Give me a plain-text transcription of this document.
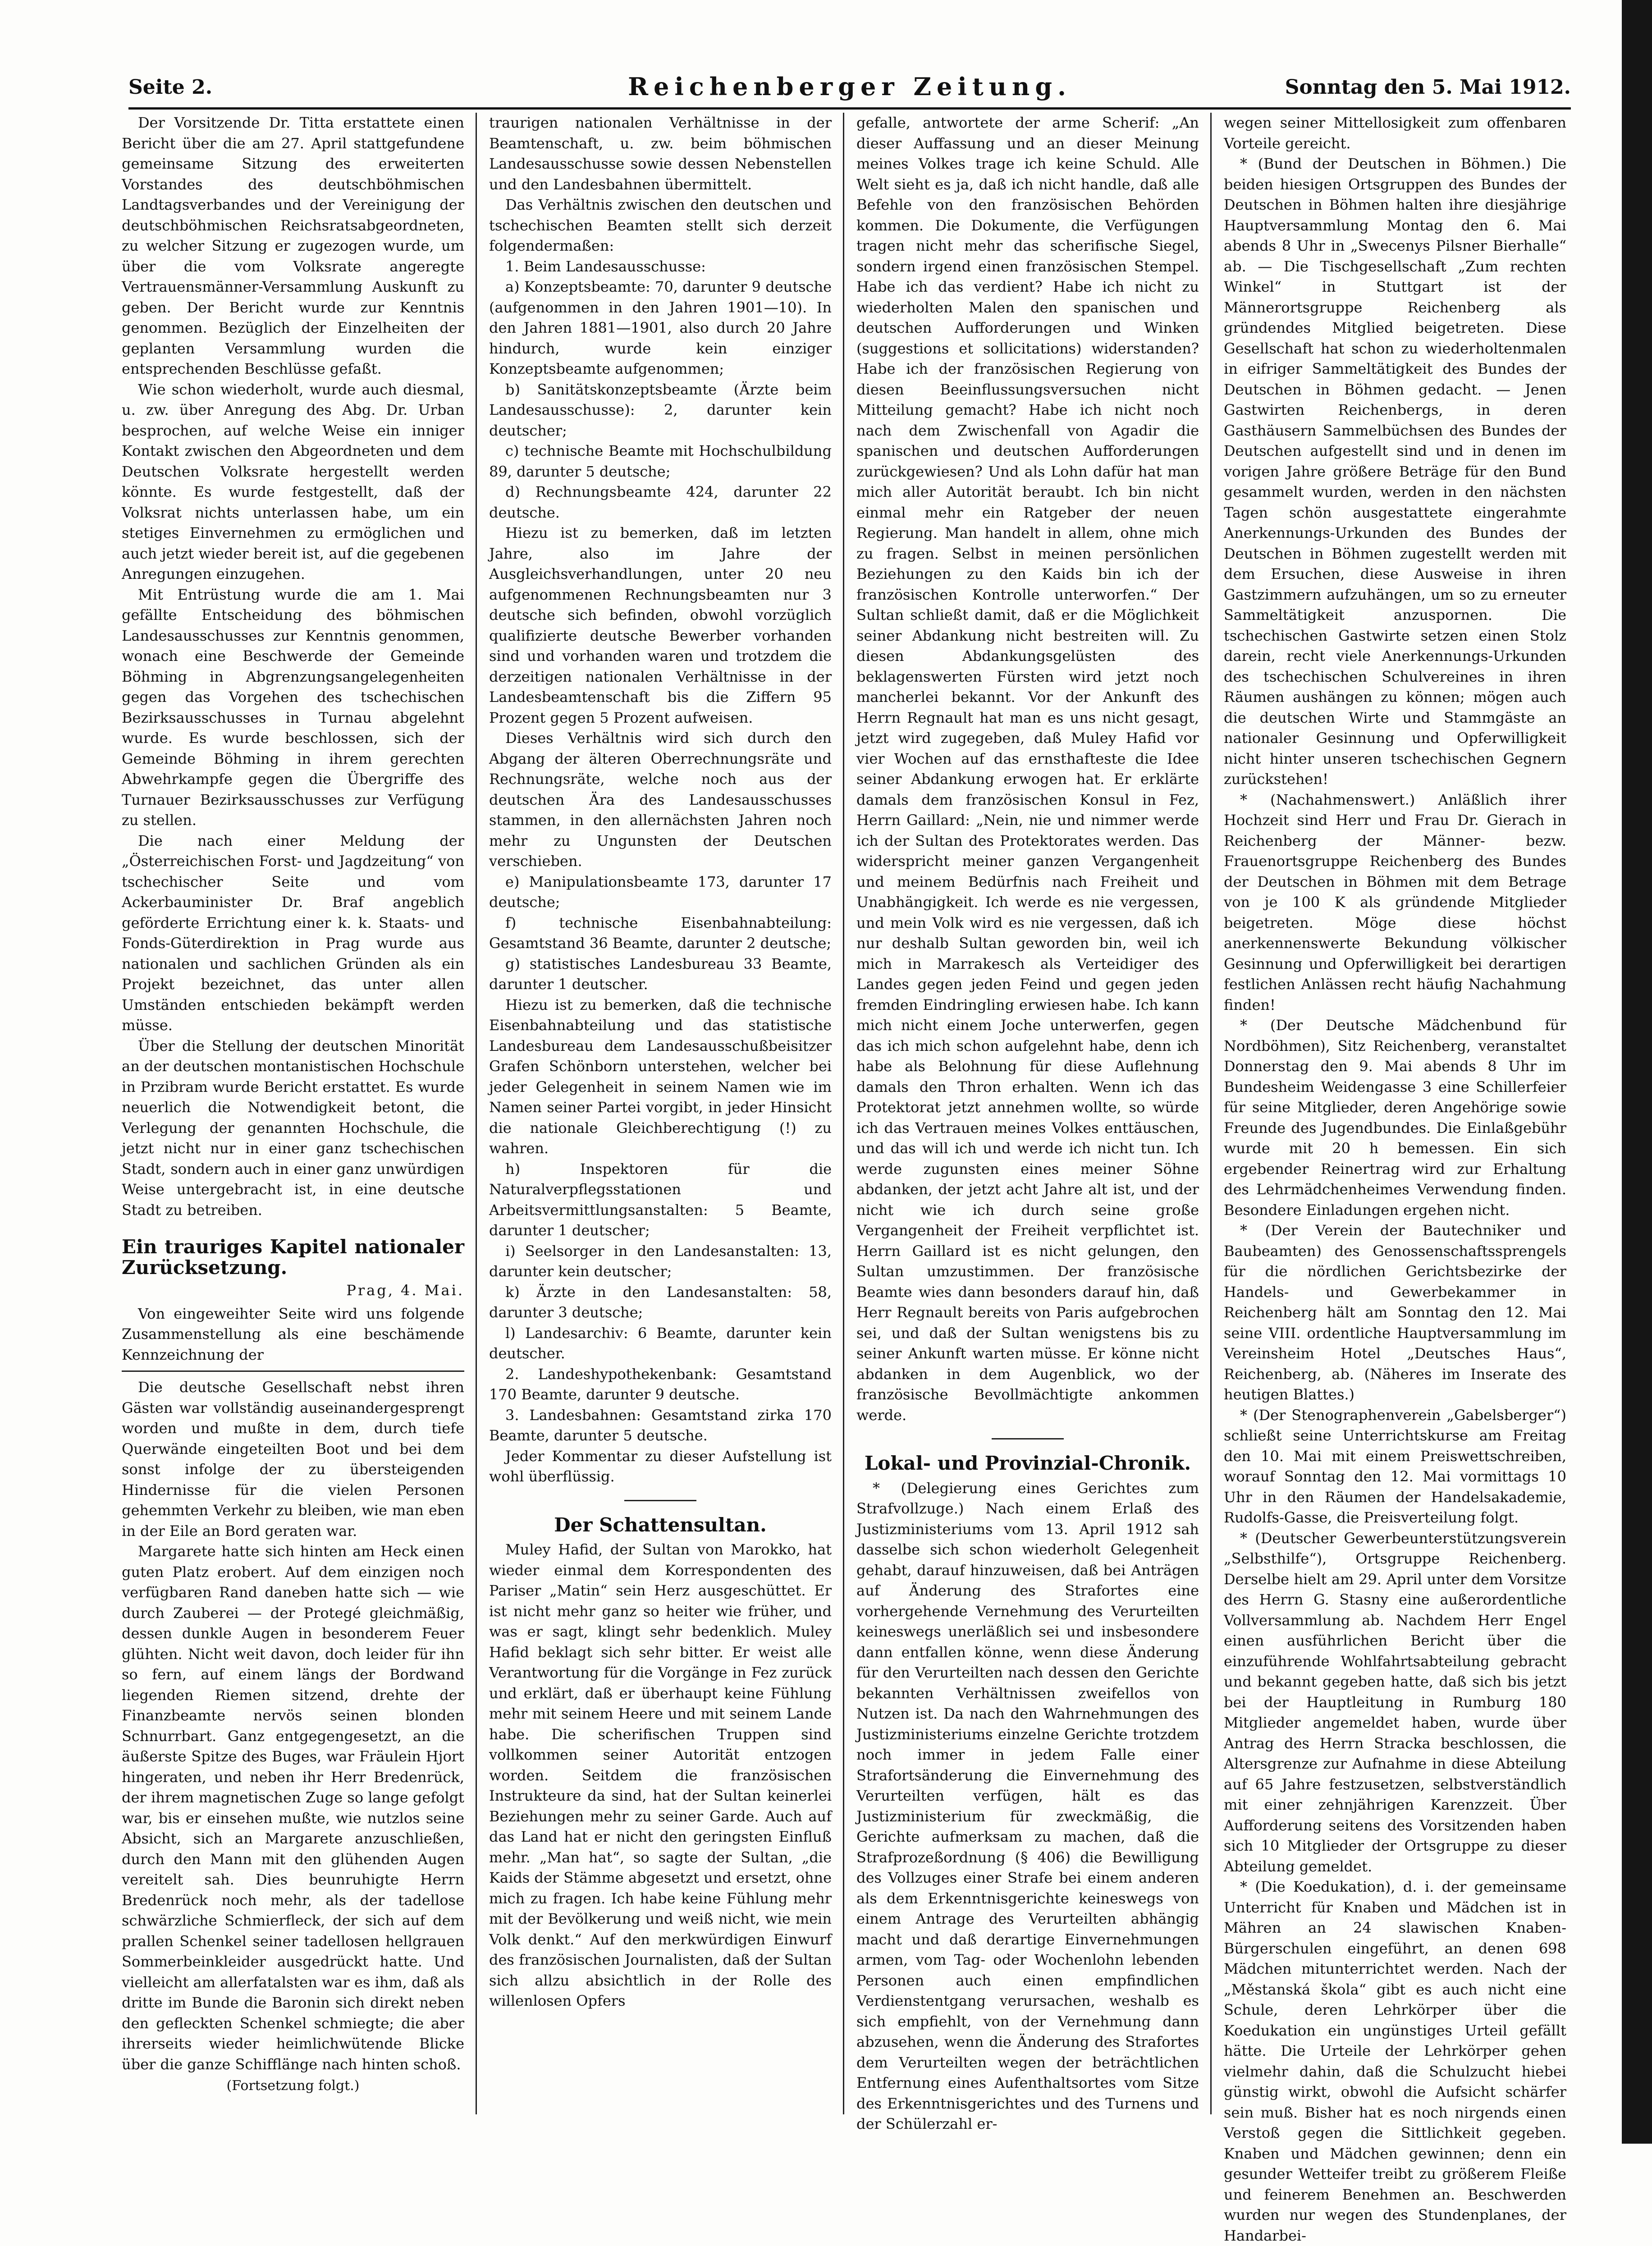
Seite 2.	Reichenberger Zeitung.	Sonntag den 5. Mai 1912.

Der Vorsitzende Dr. Titta erstattete einen Bericht über die am 27. April stattgefundene gemeinsame Sitzung des erweiterten Vorstandes des deutschböhmischen Landtagsverbandes und der Vereinigung der deutschböhmischen Reichsratsabgeordneten, zu welcher Sitzung er zugezogen wurde, um über die vom Volksrate angeregte Vertrauensmänner-Versammlung Auskunft zu geben. Der Bericht wurde zur Kenntnis genommen. Bezüglich der Einzelheiten der geplanten Versammlung wurden die entsprechenden Beschlüsse gefaßt.

Wie schon wiederholt, wurde auch diesmal, u. zw. über Anregung des Abg. Dr. Urban besprochen, auf welche Weise ein inniger Kontakt zwischen den Abgeordneten und dem Deutschen Volksrate hergestellt werden könnte. Es wurde festgestellt, daß der Volksrat nichts unterlassen habe, um ein stetiges Einvernehmen zu ermöglichen und auch jetzt wieder bereit ist, auf die gegebenen Anregungen einzugehen.

Mit Entrüstung wurde die am 1. Mai gefällte Entscheidung des böhmischen Landesausschusses zur Kenntnis genommen, wonach eine Beschwerde der Gemeinde Böhming in Abgrenzungsangelegenheiten gegen das Vorgehen des tschechischen Bezirksausschusses in Turnau abgelehnt wurde. Es wurde beschlossen, sich der Gemeinde Böhming in ihrem gerechten Abwehrkampfe gegen die Übergriffe des Turnauer Bezirksausschusses zur Verfügung zu stellen.

Die nach einer Meldung der „Österreichischen Forst- und Jagdzeitung“ von tschechischer Seite und vom Ackerbauminister Dr. Braf angeblich geförderte Errichtung einer k. k. Staats- und Fonds-Güterdirektion in Prag wurde aus nationalen und sachlichen Gründen als ein Projekt bezeichnet, das unter allen Umständen entschieden bekämpft werden müsse.

Über die Stellung der deutschen Minorität an der deutschen montanistischen Hochschule in Przibram wurde Bericht erstattet. Es wurde neuerlich die Notwendigkeit betont, die Verlegung der genannten Hochschule, die jetzt nicht nur in einer ganz tschechischen Stadt, sondern auch in einer ganz unwürdigen Weise untergebracht ist, in eine deutsche Stadt zu betreiben.

Ein trauriges Kapitel nationaler Zurücksetzung.
Prag, 4. Mai.

Von eingeweihter Seite wird uns folgende Zusammenstellung als eine beschämende Kennzeichnung der

Die deutsche Gesellschaft nebst ihren Gästen war vollständig auseinandergesprengt worden und mußte in dem, durch tiefe Querwände eingeteilten Boot und bei dem sonst infolge der zu übersteigenden Hindernisse für die vielen Personen gehemmten Verkehr zu bleiben, wie man eben in der Eile an Bord geraten war.

Margarete hatte sich hinten am Heck einen guten Platz erobert. Auf dem einzigen noch verfügbaren Rand daneben hatte sich — wie durch Zauberei — der Protegé gleichmäßig, dessen dunkle Augen in besonderem Feuer glühten. Nicht weit davon, doch leider für ihn so fern, auf einem längs der Bordwand liegenden Riemen sitzend, drehte der Finanzbeamte nervös seinen blonden Schnurrbart. Ganz entgegengesetzt, an die äußerste Spitze des Buges, war Fräulein Hjort hingeraten, und neben ihr Herr Bredenrück, der ihrem magnetischen Zuge so lange gefolgt war, bis er einsehen mußte, wie nutzlos seine Absicht, sich an Margarete anzuschließen, durch den Mann mit den glühenden Augen vereitelt sah. Dies beunruhigte Herrn Bredenrück noch mehr, als der tadellose schwärzliche Schmierfleck, der sich auf dem prallen Schenkel seiner tadellosen hellgrauen Sommerbeinkleider ausgedrückt hatte. Und vielleicht am allerfatalsten war es ihm, daß als dritte im Bunde die Baronin sich direkt neben den gefleckten Schenkel schmiegte; die aber ihrerseits wieder heimlichwütende Blicke über die ganze Schifflänge nach hinten schoß.

(Fortsetzung folgt.)

traurigen nationalen Verhältnisse in der Beamtenschaft, u. zw. beim böhmischen Landesausschusse sowie dessen Nebenstellen und den Landesbahnen übermittelt.

Das Verhältnis zwischen den deutschen und tschechischen Beamten stellt sich derzeit folgendermaßen:

1. Beim Landesausschusse:

a) Konzeptsbeamte: 70, darunter 9 deutsche (aufgenommen in den Jahren 1901—10). In den Jahren 1881—1901, also durch 20 Jahre hindurch, wurde kein einziger Konzeptsbeamte aufgenommen;

b) Sanitätskonzeptsbeamte (Ärzte beim Landesausschusse): 2, darunter kein deutscher;

c) technische Beamte mit Hochschulbildung 89, darunter 5 deutsche;

d) Rechnungsbeamte 424, darunter 22 deutsche.

Hiezu ist zu bemerken, daß im letzten Jahre, also im Jahre der Ausgleichsverhandlungen, unter 20 neu aufgenommenen Rechnungsbeamten nur 3 deutsche sich befinden, obwohl vorzüglich qualifizierte deutsche Bewerber vorhanden sind und vorhanden waren und trotzdem die derzeitigen nationalen Verhältnisse in der Landesbeamtenschaft bis die Ziffern 95 Prozent gegen 5 Prozent aufweisen.

Dieses Verhältnis wird sich durch den Abgang der älteren Oberrechnungsräte und Rechnungsräte, welche noch aus der deutschen Ära des Landesausschusses stammen, in den allernächsten Jahren noch mehr zu Ungunsten der Deutschen verschieben.

e) Manipulationsbeamte 173, darunter 17 deutsche;

f) technische Eisenbahnabteilung: Gesamtstand 36 Beamte, darunter 2 deutsche;

g) statistisches Landesbureau 33 Beamte, darunter 1 deutscher.

Hiezu ist zu bemerken, daß die technische Eisenbahnabteilung und das statistische Landesbureau dem Landesausschußbeisitzer Grafen Schönborn unterstehen, welcher bei jeder Gelegenheit in seinem Namen wie im Namen seiner Partei vorgibt, in jeder Hinsicht die nationale Gleichberechtigung (!) zu wahren.

h) Inspektoren für die Naturalverpflegsstationen und Arbeitsvermittlungsanstalten: 5 Beamte, darunter 1 deutscher;

i) Seelsorger in den Landesanstalten: 13, darunter kein deutscher;

k) Ärzte in den Landesanstalten: 58, darunter 3 deutsche;

l) Landesarchiv: 6 Beamte, darunter kein deutscher.

2. Landeshypothekenbank: Gesamtstand 170 Beamte, darunter 9 deutsche.

3. Landesbahnen: Gesamtstand zirka 170 Beamte, darunter 5 deutsche.

Jeder Kommentar zu dieser Aufstellung ist wohl überflüssig.

Der Schattensultan.

Muley Hafid, der Sultan von Marokko, hat wieder einmal dem Korrespondenten des Pariser „Matin“ sein Herz ausgeschüttet. Er ist nicht mehr ganz so heiter wie früher, und was er sagt, klingt sehr bedenklich. Muley Hafid beklagt sich sehr bitter. Er weist alle Verantwortung für die Vorgänge in Fez zurück und erklärt, daß er überhaupt keine Fühlung mehr mit seinem Heere und mit seinem Lande habe. Die scherifischen Truppen sind vollkommen seiner Autorität entzogen worden. Seitdem die französischen Instrukteure da sind, hat der Sultan keinerlei Beziehungen mehr zu seiner Garde. Auch auf das Land hat er nicht den geringsten Einfluß mehr. „Man hat“, so sagte der Sultan, „die Kaids der Stämme abgesetzt und ersetzt, ohne mich zu fragen. Ich habe keine Fühlung mehr mit der Bevölkerung und weiß nicht, wie mein Volk denkt.“ Auf den merkwürdigen Einwurf des französischen Journalisten, daß der Sultan sich allzu absichtlich in der Rolle des willenlosen Opfers

gefalle, antwortete der arme Scherif: „An dieser Auffassung und an dieser Meinung meines Volkes trage ich keine Schuld. Alle Welt sieht es ja, daß ich nicht handle, daß alle Befehle von den französischen Behörden kommen. Die Dokumente, die Verfügungen tragen nicht mehr das scherifische Siegel, sondern irgend einen französischen Stempel. Habe ich das verdient? Habe ich nicht zu wiederholten Malen den spanischen und deutschen Aufforderungen und Winken (suggestions et sollicitations) widerstanden? Habe ich der französischen Regierung von diesen Beeinflussungsversuchen nicht Mitteilung gemacht? Habe ich nicht noch nach dem Zwischenfall von Agadir die spanischen und deutschen Aufforderungen zurückgewiesen? Und als Lohn dafür hat man mich aller Autorität beraubt. Ich bin nicht einmal mehr ein Ratgeber der neuen Regierung. Man handelt in allem, ohne mich zu fragen. Selbst in meinen persönlichen Beziehungen zu den Kaids bin ich der französischen Kontrolle unterworfen.“ Der Sultan schließt damit, daß er die Möglichkeit seiner Abdankung nicht bestreiten will. Zu diesen Abdankungsgelüsten des beklagenswerten Fürsten wird jetzt noch mancherlei bekannt. Vor der Ankunft des Herrn Regnault hat man es uns nicht gesagt, jetzt wird zugegeben, daß Muley Hafid vor vier Wochen auf das ernsthafteste die Idee seiner Abdankung erwogen hat. Er erklärte damals dem französischen Konsul in Fez, Herrn Gaillard: „Nein, nie und nimmer werde ich der Sultan des Protektorates werden. Das widerspricht meiner ganzen Vergangenheit und meinem Bedürfnis nach Freiheit und Unabhängigkeit. Ich werde es nie vergessen, und mein Volk wird es nie vergessen, daß ich nur deshalb Sultan geworden bin, weil ich mich in Marrakesch als Verteidiger des Landes gegen jeden Feind und gegen jeden fremden Eindringling erwiesen habe. Ich kann mich nicht einem Joche unterwerfen, gegen das ich mich schon aufgelehnt habe, denn ich habe als Belohnung für diese Auflehnung damals den Thron erhalten. Wenn ich das Protektorat jetzt annehmen wollte, so würde ich das Vertrauen meines Volkes enttäuschen, und das will ich und werde ich nicht tun. Ich werde zugunsten eines meiner Söhne abdanken, der jetzt acht Jahre alt ist, und der nicht wie ich durch seine große Vergangenheit der Freiheit verpflichtet ist. Herrn Gaillard ist es nicht gelungen, den Sultan umzustimmen. Der französische Beamte wies dann besonders darauf hin, daß Herr Regnault bereits von Paris aufgebrochen sei, und daß der Sultan wenigstens bis zu seiner Ankunft warten müsse. Er könne nicht abdanken in dem Augenblick, wo der französische Bevollmächtigte ankommen werde.

Lokal- und Provinzial-Chronik.

* (Delegierung eines Gerichtes zum Strafvollzuge.) Nach einem Erlaß des Justizministeriums vom 13. April 1912 sah dasselbe sich schon wiederholt Gelegenheit gehabt, darauf hinzuweisen, daß bei Anträgen auf Änderung des Strafortes eine vorhergehende Vernehmung des Verurteilten keineswegs unerläßlich sei und insbesondere dann entfallen könne, wenn diese Änderung für den Verurteilten nach dessen den Gerichte bekannten Verhältnissen zweifellos von Nutzen ist. Da nach den Wahrnehmungen des Justizministeriums einzelne Gerichte trotzdem noch immer in jedem Falle einer Strafortsänderung die Einvernehmung des Verurteilten verfügen, hält es das Justizministerium für zweckmäßig, die Gerichte aufmerksam zu machen, daß die Strafprozeßordnung (§ 406) die Bewilligung des Vollzuges einer Strafe bei einem anderen als dem Erkenntnisgerichte keineswegs von einem Antrage des Verurteilten abhängig macht und daß derartige Einvernehmungen armen, vom Tag- oder Wochenlohn lebenden Personen auch einen empfindlichen Verdienstentgang verursachen, weshalb es sich empfiehlt, von der Vernehmung dann abzusehen, wenn die Änderung des Strafortes dem Verurteilten wegen der beträchtlichen Entfernung eines Aufenthaltsortes vom Sitze des Erkenntnisgerichtes und des Turnens und der Schülerzahl er-

wegen seiner Mittellosigkeit zum offenbaren Vorteile gereicht.

* (Bund der Deutschen in Böhmen.) Die beiden hiesigen Ortsgruppen des Bundes der Deutschen in Böhmen halten ihre diesjährige Hauptversammlung Montag den 6. Mai abends 8 Uhr in „Swecenys Pilsner Bierhalle“ ab. — Die Tischgesellschaft „Zum rechten Winkel“ in Stuttgart ist der Männerortsgruppe Reichenberg als gründendes Mitglied beigetreten. Diese Gesellschaft hat schon zu wiederholtenmalen in eifriger Sammeltätigkeit des Bundes der Deutschen in Böhmen gedacht. — Jenen Gastwirten Reichenbergs, in deren Gasthäusern Sammelbüchsen des Bundes der Deutschen aufgestellt sind und in denen im vorigen Jahre größere Beträge für den Bund gesammelt wurden, werden in den nächsten Tagen schön ausgestattete eingerahmte Anerkennungs-Urkunden des Bundes der Deutschen in Böhmen zugestellt werden mit dem Ersuchen, diese Ausweise in ihren Gastzimmern aufzuhängen, um so zu erneuter Sammeltätigkeit anzuspornen. Die tschechischen Gastwirte setzen einen Stolz darein, recht viele Anerkennungs-Urkunden des tschechischen Schulvereines in ihren Räumen aushängen zu können; mögen auch die deutschen Wirte und Stammgäste an nationaler Gesinnung und Opferwilligkeit nicht hinter unseren tschechischen Gegnern zurückstehen!

* (Nachahmenswert.) Anläßlich ihrer Hochzeit sind Herr und Frau Dr. Gierach in Reichenberg der Männer- bezw. Frauenortsgruppe Reichenberg des Bundes der Deutschen in Böhmen mit dem Betrage von je 100 K als gründende Mitglieder beigetreten. Möge diese höchst anerkennenswerte Bekundung völkischer Gesinnung und Opferwilligkeit bei derartigen festlichen Anlässen recht häufig Nachahmung finden!

* (Der Deutsche Mädchenbund für Nordböhmen), Sitz Reichenberg, veranstaltet Donnerstag den 9. Mai abends 8 Uhr im Bundesheim Weidengasse 3 eine Schillerfeier für seine Mitglieder, deren Angehörige sowie Freunde des Jugendbundes. Die Einlaßgebühr wurde mit 20 h bemessen. Ein sich ergebender Reinertrag wird zur Erhaltung des Lehrmädchenheimes Verwendung finden. Besondere Einladungen ergehen nicht.

* (Der Verein der Bautechniker und Baubeamten) des Genossenschaftssprengels für die nördlichen Gerichtsbezirke der Handels- und Gewerbekammer in Reichenberg hält am Sonntag den 12. Mai seine VIII. ordentliche Hauptversammlung im Vereinsheim Hotel „Deutsches Haus“, Reichenberg, ab. (Näheres im Inserate des heutigen Blattes.)

* (Der Stenographenverein „Gabelsberger“) schließt seine Unterrichtskurse am Freitag den 10. Mai mit einem Preiswettschreiben, worauf Sonntag den 12. Mai vormittags 10 Uhr in den Räumen der Handelsakademie, Rudolfs-Gasse, die Preisverteilung folgt.

* (Deutscher Gewerbeunterstützungsverein „Selbsthilfe“), Ortsgruppe Reichenberg. Derselbe hielt am 29. April unter dem Vorsitze des Herrn G. Stasny eine außerordentliche Vollversammlung ab. Nachdem Herr Engel einen ausführlichen Bericht über die einzuführende Wohlfahrtsabteilung gebracht und bekannt gegeben hatte, daß sich bis jetzt bei der Hauptleitung in Rumburg 180 Mitglieder angemeldet haben, wurde über Antrag des Herrn Stracka beschlossen, die Altersgrenze zur Aufnahme in diese Abteilung auf 65 Jahre festzusetzen, selbstverständlich mit einer zehnjährigen Karenzzeit. Über Aufforderung seitens des Vorsitzenden haben sich 10 Mitglieder der Ortsgruppe zu dieser Abteilung gemeldet.

* (Die Koedukation), d. i. der gemeinsame Unterricht für Knaben und Mädchen ist in Mähren an 24 slawischen Knaben-Bürgerschulen eingeführt, an denen 698 Mädchen mitunterrichtet werden. Nach der „Městanská škola“ gibt es auch nicht eine Schule, deren Lehrkörper über die Koedukation ein ungünstiges Urteil gefällt hätte. Die Urteile der Lehrkörper gehen vielmehr dahin, daß die Schulzucht hiebei günstig wirkt, obwohl die Aufsicht schärfer sein muß. Bisher hat es noch nirgends einen Verstoß gegen die Sittlichkeit gegeben. Knaben und Mädchen gewinnen; denn ein gesunder Wetteifer treibt zu größerem Fleiße und feinerem Benehmen an. Beschwerden wurden nur wegen des Stundenplanes, der Handarbei-
